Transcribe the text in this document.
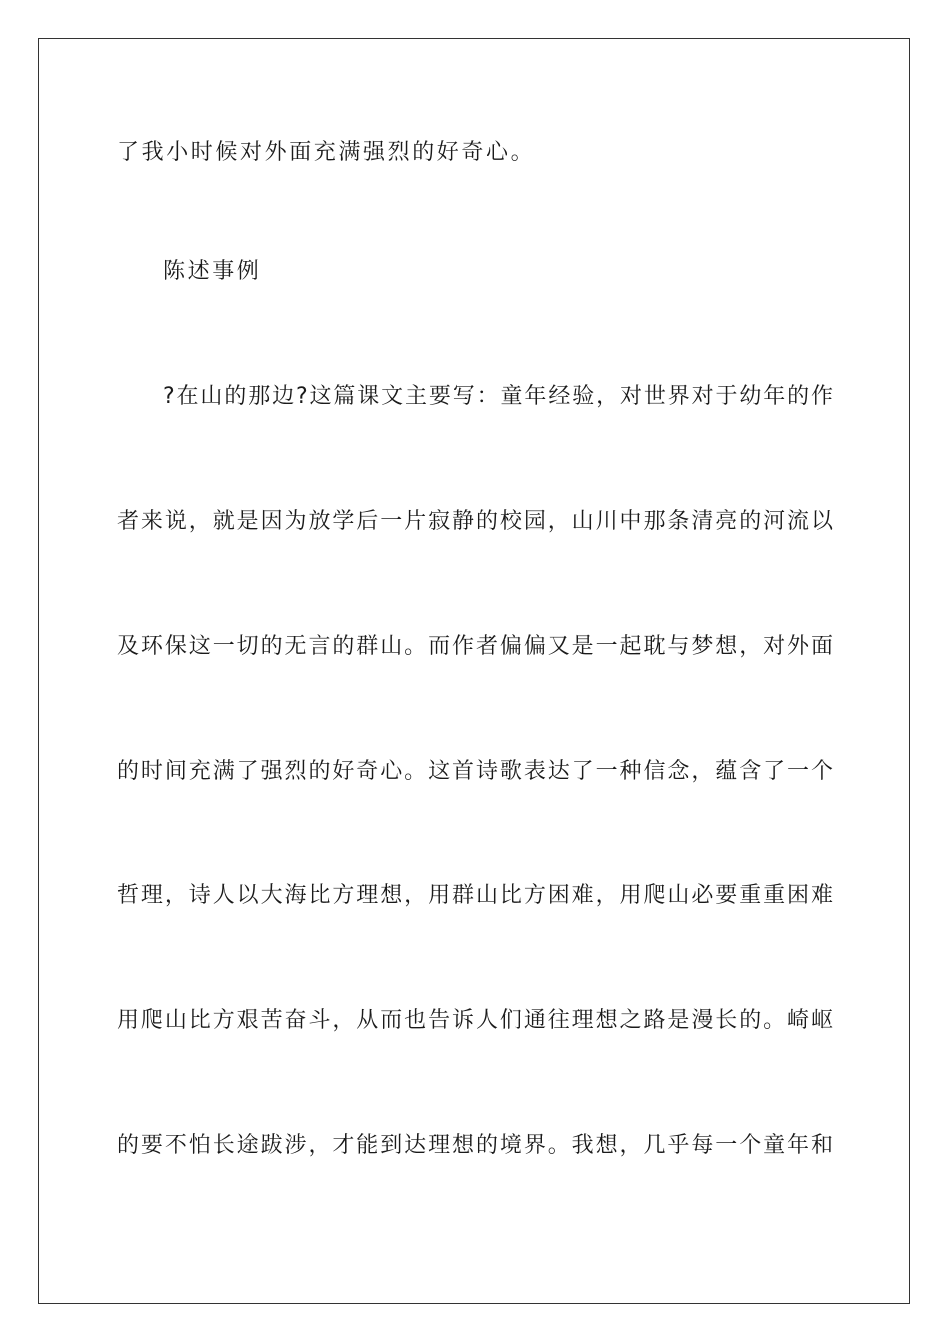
了我小时候对外面充满强烈的好奇心。
陈述事例
?在山的那边?这篇课文主要写：童年经验，对世界对于幼年的作
者来说，就是因为放学后一片寂静的校园，山川中那条清亮的河流以
及环保这一切的无言的群山。而作者偏偏又是一起耽与梦想，对外面
的时间充满了强烈的好奇心。这首诗歌表达了一种信念，蕴含了一个
哲理，诗人以大海比方理想，用群山比方困难，用爬山必要重重困难
用爬山比方艰苦奋斗，从而也告诉人们通往理想之路是漫长的。崎岖
的要不怕长途跋涉，才能到达理想的境界。我想，几乎每一个童年和
